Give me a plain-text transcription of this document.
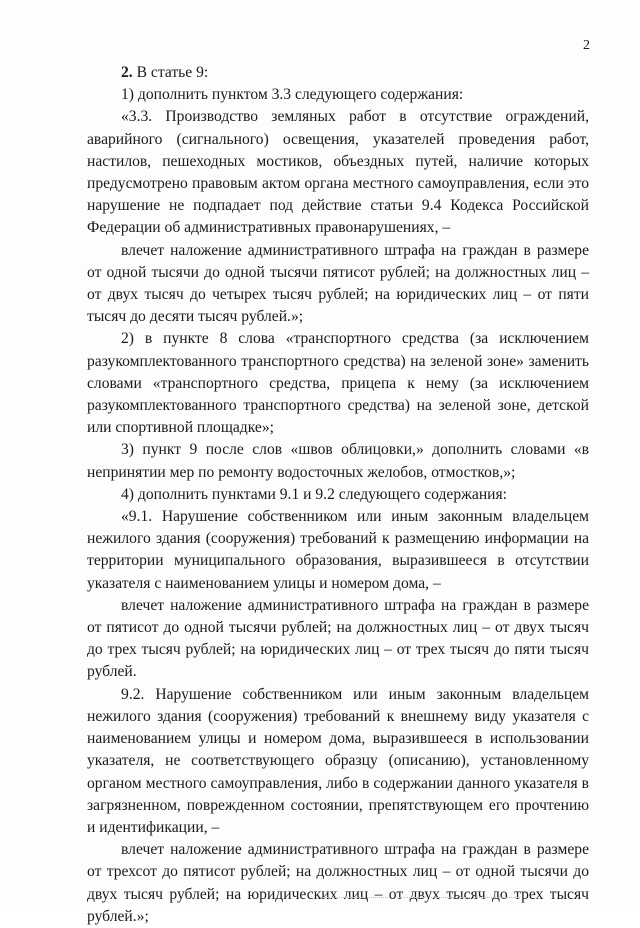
2

2. В статье 9:

1) дополнить пунктом 3.3 следующего содержания:

«3.3. Производство земляных работ в отсутствие ограждений, аварийного (сигнального) освещения, указателей проведения работ, настилов, пешеходных мостиков, объездных путей, наличие которых предусмотрено правовым актом органа местного самоуправления, если это нарушение не подпадает под действие статьи 9.4 Кодекса Российской Федерации об административных правонарушениях, –

влечет наложение административного штрафа на граждан в размере от одной тысячи до одной тысячи пятисот рублей; на должностных лиц – от двух тысяч до четырех тысяч рублей; на юридических лиц – от пяти тысяч до десяти тысяч рублей.»;

2) в пункте 8 слова «транспортного средства (за исключением разукомплектованного транспортного средства) на зеленой зоне» заменить словами «транспортного средства, прицепа к нему (за исключением разукомплектованного транспортного средства) на зеленой зоне, детской или спортивной площадке»;

3) пункт 9 после слов «швов облицовки,» дополнить словами «в непринятии мер по ремонту водосточных желобов, отмостков,»;

4) дополнить пунктами 9.1 и 9.2 следующего содержания:

«9.1. Нарушение собственником или иным законным владельцем нежилого здания (сооружения) требований к размещению информации на территории муниципального образования, выразившееся в отсутствии указателя с наименованием улицы и номером дома, –

влечет наложение административного штрафа на граждан в размере от пятисот до одной тысячи рублей; на должностных лиц – от двух тысяч до трех тысяч рублей; на юридических лиц – от трех тысяч до пяти тысяч рублей.

9.2. Нарушение собственником или иным законным владельцем нежилого здания (сооружения) требований к внешнему виду указателя с наименованием улицы и номером дома, выразившееся в использовании указателя, не соответствующего образцу (описанию), установленному органом местного самоуправления, либо в содержании данного указателя в загрязненном, поврежденном состоянии, препятствующем его прочтению и идентификации, –

влечет наложение административного штрафа на граждан в размере от трехсот до пятисот рублей; на должностных лиц – от одной тысячи до двух тысяч рублей; на юридических лиц – от двух тысяч до трех тысяч рублей.»;
